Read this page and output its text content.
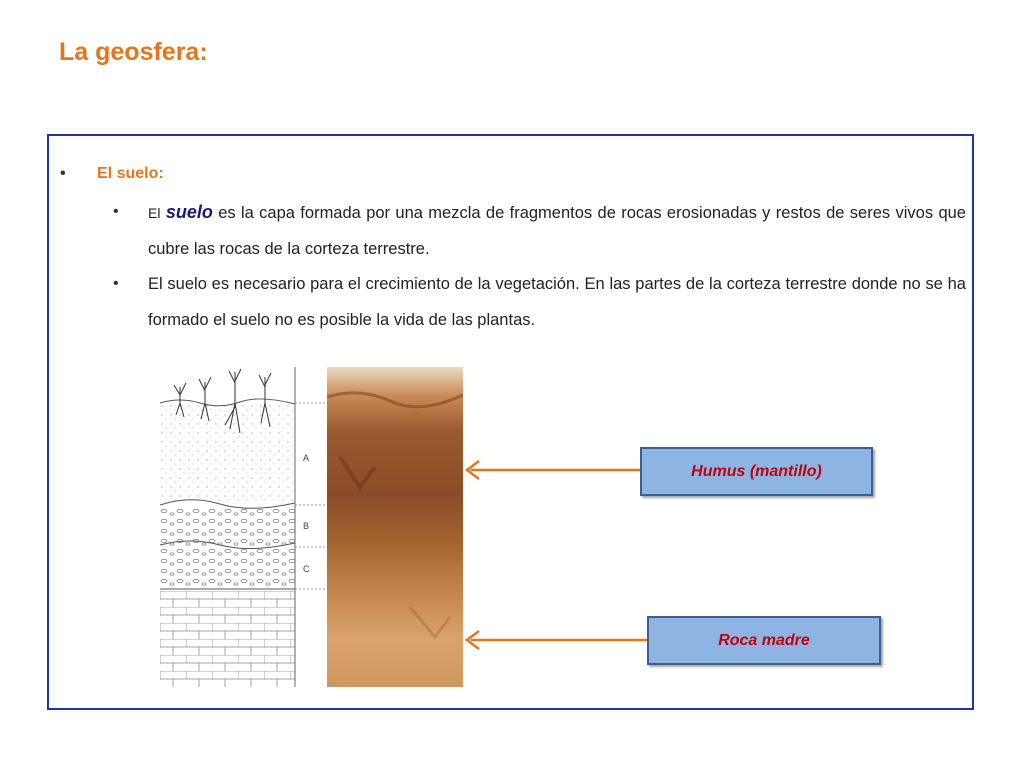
La geosfera:
• El suelo:
• El suelo es la capa formada por una mezcla de fragmentos de rocas erosionadas y restos de seres vivos que cubre las rocas de la corteza terrestre.

• El suelo es necesario para el crecimiento de la vegetación. En las partes de la corteza terrestre donde no se ha formado el suelo no es posible la vida de las plantas.

A
B
C
Humus (mantillo)
Roca madre
